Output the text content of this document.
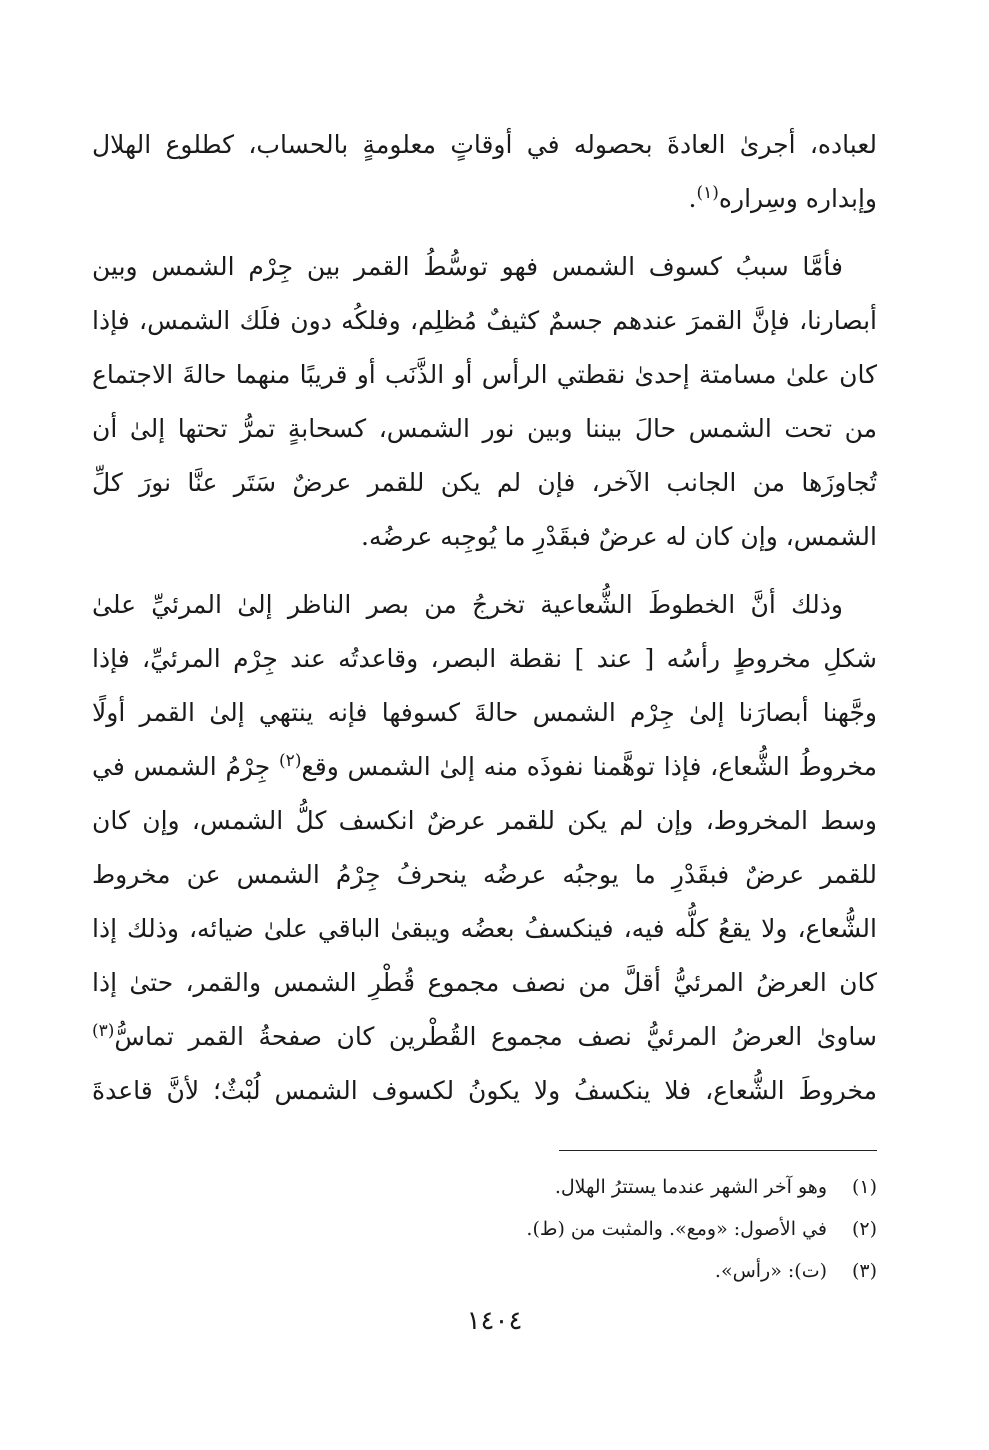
لعباده، أجرىٰ العادةَ بحصوله في أوقاتٍ معلومةٍ بالحساب، كطلوع الهلال
وإبداره وسِراره$^{(١)}$.

فأمَّا سببُ كسوف الشمس فهو توسُّطُ القمر بين جِرْم الشمس وبين
أبصارنا، فإنَّ القمرَ عندهم جسمٌ كثيفٌ مُظلِم، وفلكُه دون فلَك الشمس، فإذا
كان علىٰ مسامتة إحدىٰ نقطتي الرأس أو الذَّنَب أو قريبًا منهما حالةَ الاجتماع
من تحت الشمس حالَ بيننا وبين نور الشمس، كسحابةٍ تمرُّ تحتها إلىٰ أن
تُجاوزَها من الجانب الآخر، فإن لم يكن للقمر عرضٌ سَتَر عنَّا نورَ كلِّ
الشمس، وإن كان له عرضٌ فبقَدْرِ ما يُوجِبه عرضُه.

وذلك أنَّ الخطوطَ الشُّعاعية تخرجُ من بصر الناظر إلىٰ المرئيِّ علىٰ
شكلِ مخروطٍ رأسُه [ عند ] نقطة البصر، وقاعدتُه عند جِرْم المرئيِّ، فإذا
وجَّهنا أبصارَنا إلىٰ جِرْم الشمس حالةَ كسوفها فإنه ينتهي إلىٰ القمر أولًا
مخروطُ الشُّعاع، فإذا توهَّمنا نفوذَه منه إلىٰ الشمس وقع$^{(٢)}$ جِرْمُ الشمس في
وسط المخروط، وإن لم يكن للقمر عرضٌ انكسف كلُّ الشمس، وإن كان
للقمر عرضٌ فبقَدْرِ ما يوجبُه عرضُه ينحرفُ جِرْمُ الشمس عن مخروط
الشُّعاع، ولا يقعُ كلُّه فيه، فينكسفُ بعضُه ويبقىٰ الباقي علىٰ ضيائه، وذلك إذا
كان العرضُ المرئيُّ أقلَّ من نصف مجموع قُطْرِ الشمس والقمر، حتىٰ إذا
ساوىٰ العرضُ المرئيُّ نصف مجموع القُطْرين كان صفحةُ القمر تماسُّ$^{(٣)}$
مخروطَ الشُّعاع، فلا ينكسفُ ولا يكونُ لكسوف الشمس لُبْثٌ؛ لأنَّ قاعدةَ

(١)وهو آخر الشهر عندما يستترُ الهلال.
(٢)في الأصول: «ومع». والمثبت من (ط).
(٣)(ت): «رأس».
١٤٠٤
